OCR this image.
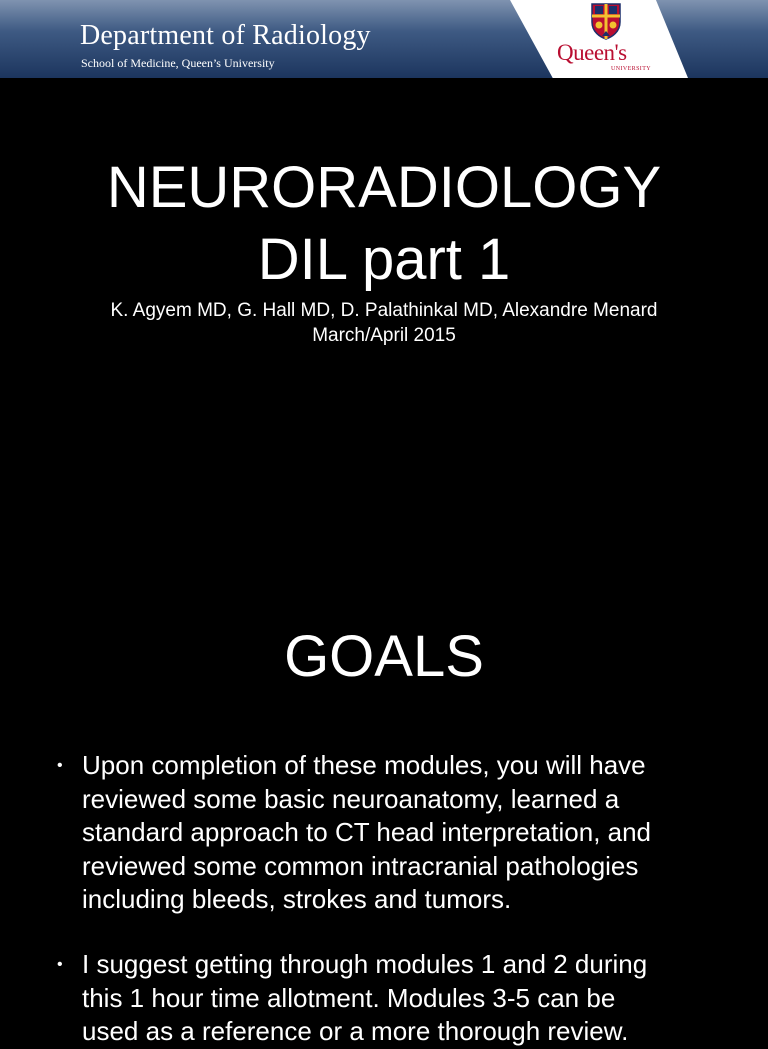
Department of Radiology
School of Medicine, Queen’s University	Queen's
UNIVERSITY
NEURORADIOLOGY
DIL part 1
K. Agyem MD, G. Hall MD, D. Palathinkal MD, Alexandre Menard
March/April 2015
GOALS
• Upon completion of these modules, you will have
reviewed some basic neuroanatomy, learned a
standard approach to CT head interpretation, and
reviewed some common intracranial pathologies
including bleeds, strokes and tumors.
• I suggest getting through modules 1 and 2 during
this 1 hour time allotment. Modules 3-5 can be
used as a reference or a more thorough review.
